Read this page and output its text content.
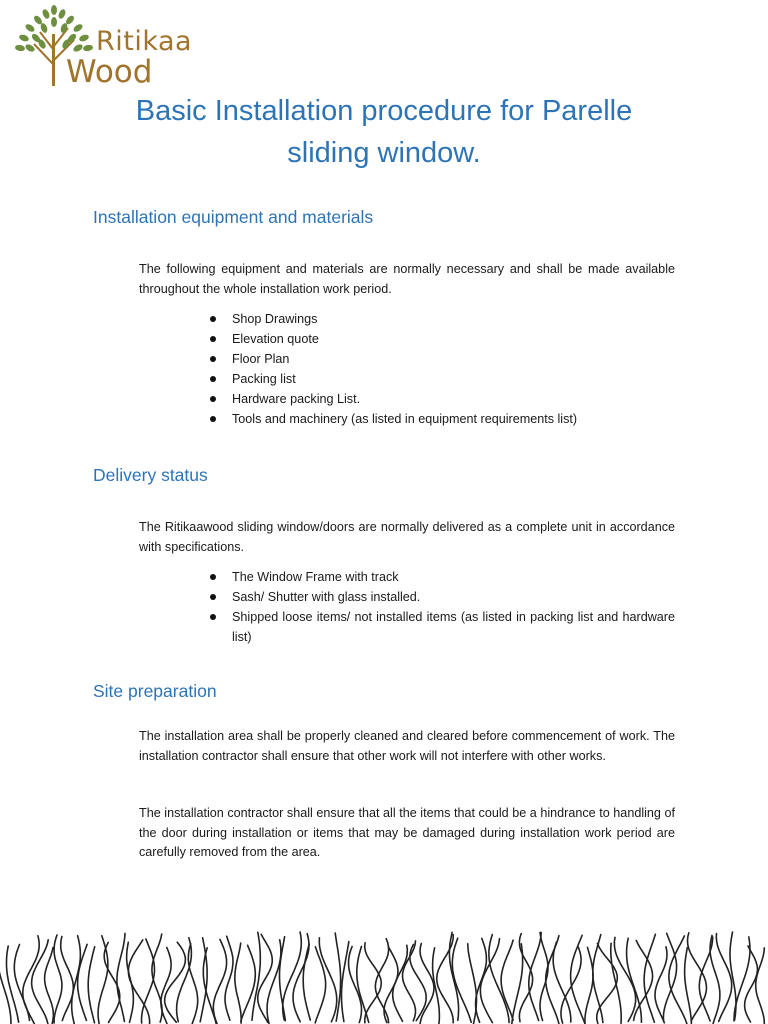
Ritikaa
Wood
Basic Installation procedure for Parelle
sliding window.
Installation equipment and materials

The following equipment and materials are normally necessary and shall be made available throughout the whole installation work period.

Shop Drawings
Elevation quote
Floor Plan
Packing list
Hardware packing List.
Tools and machinery (as listed in equipment requirements list)
Delivery status

The Ritikaawood sliding window/doors are normally delivered as a complete unit in accordance with specifications.

The Window Frame with track
Sash/ Shutter with glass installed.
Shipped loose items/ not installed items (as listed in packing list and hardware list)
Site preparation

The installation area shall be properly cleaned and cleared before commencement of work. The installation contractor shall ensure that other work will not interfere with other works.

The installation contractor shall ensure that all the items that could be a hindrance to handling of the door during installation or items that may be damaged during installation work period are carefully removed from the area.
